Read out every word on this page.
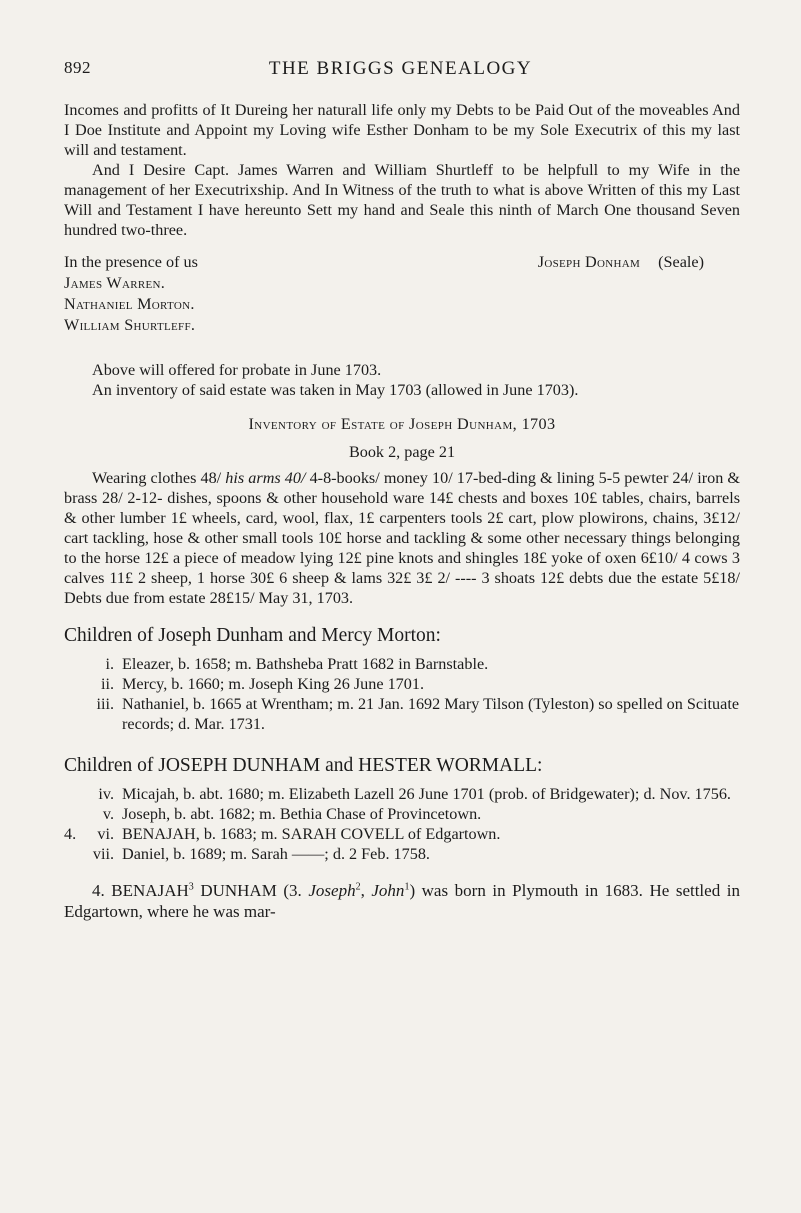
892	THE BRIGGS GENEALOGY

Incomes and profitts of It Dureing her naturall life only my Debts to be Paid Out of the moveables And I Doe Institute and Appoint my Loving wife Esther Donham to be my Sole Executrix of this my last will and testament.

And I Desire Capt. James Warren and William Shurtleff to be helpfull to my Wife in the management of her Executrixship. And In Witness of the truth to what is above Written of this my Last Will and Testament I have hereunto Sett my hand and Seale this ninth of March One thousand Seven hundred two-three.

In the presence of us
James Warren.
Nathaniel Morton.
William Shurtleff.
Joseph Donham (Seale)

Above will offered for probate in June 1703.

An inventory of said estate was taken in May 1703 (allowed in June 1703).

Inventory of Estate of Joseph Dunham, 1703
Book 2, page 21

Wearing clothes 48/ his arms 40/ 4-8-books/ money 10/ 17-bed-ding & lining 5-5 pewter 24/ iron & brass 28/ 2-12- dishes, spoons & other household ware 14£ chests and boxes 10£ tables, chairs, barrels & other lumber 1£ wheels, card, wool, flax, 1£ carpenters tools 2£ cart, plow plowirons, chains, 3£12/ cart tackling, hose & other small tools 10£ horse and tackling & some other necessary things belonging to the horse 12£ a piece of meadow lying 12£ pine knots and shingles 18£ yoke of oxen 6£10/ 4 cows 3 calves 11£ 2 sheep, 1 horse 30£ 6 sheep & lams 32£ 3£ 2/ ---- 3 shoats 12£ debts due the estate 5£18/ Debts due from estate 28£15/ May 31, 1703.

Children of Joseph Dunham and Mercy Morton:
i. Eleazer, b. 1658; m. Bathsheba Pratt 1682 in Barnstable.
ii. Mercy, b. 1660; m. Joseph King 26 June 1701.
iii. Nathaniel, b. 1665 at Wrentham; m. 21 Jan. 1692 Mary Tilson (Tyleston) so spelled on Scituate records; d. Mar. 1731.
Children of JOSEPH DUNHAM and HESTER WORMALL:
iv. Micajah, b. abt. 1680; m. Elizabeth Lazell 26 June 1701 (prob. of Bridgewater); d. Nov. 1756.
v. Joseph, b. abt. 1682; m. Bethia Chase of Provincetown.
4.	vi. BENAJAH, b. 1683; m. SARAH COVELL of Edgartown.
vii. Daniel, b. 1689; m. Sarah ——; d. 2 Feb. 1758.

4. BENAJAH$^3$ DUNHAM (3. Joseph$^2$, John$^1$) was born in Plymouth in 1683. He settled in Edgartown, where he was mar-
